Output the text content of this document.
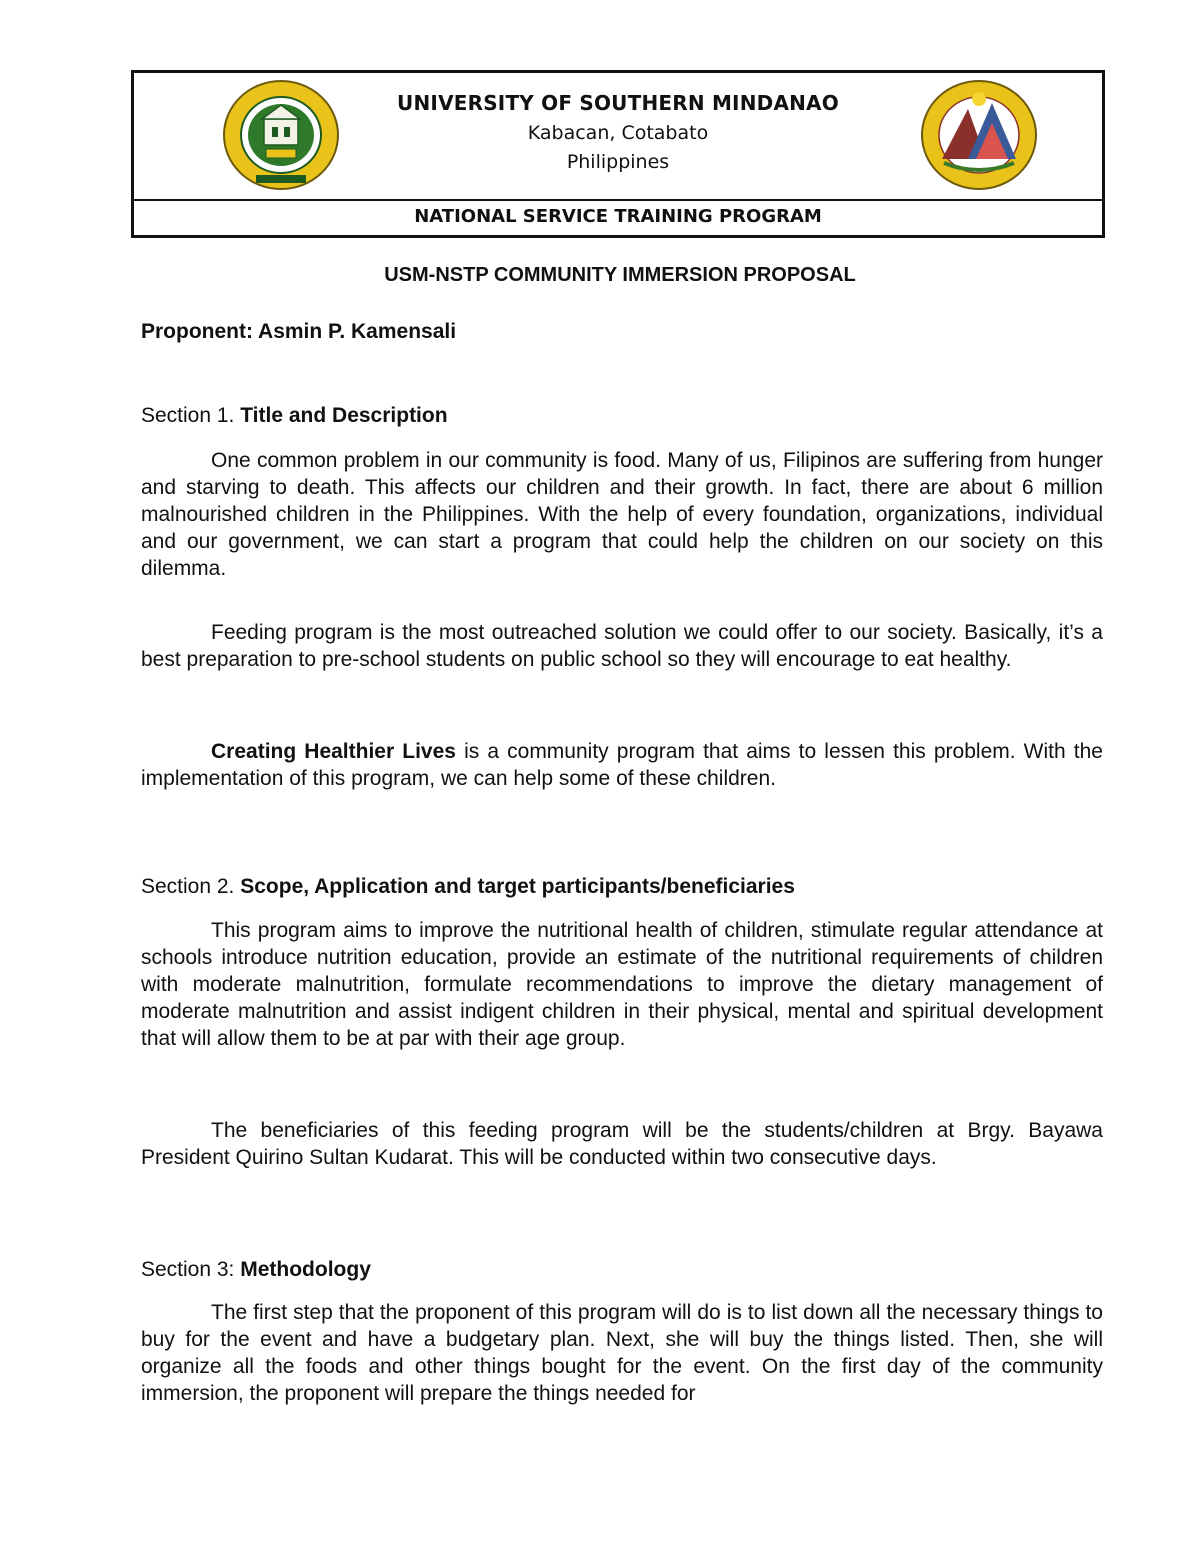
UNIVERSITY OF SOUTHERN MINDANAO
Kabacan, Cotabato
Philippines
NATIONAL SERVICE TRAINING PROGRAM
USM-NSTP COMMUNITY IMMERSION PROPOSAL
Proponent: Asmin P. Kamensali
Section 1. Title and Description

One common problem in our community is food. Many of us, Filipinos are suffering from hunger and starving to death. This affects our children and their growth. In fact, there are about 6 million malnourished children in the Philippines. With the help of every foundation, organizations, individual and our government, we can start a program that could help the children on our society on this dilemma.

Feeding program is the most outreached solution we could offer to our society. Basically, it’s a best preparation to pre-school students on public school so they will encourage to eat healthy.

Creating Healthier Lives is a community program that aims to lessen this problem. With the implementation of this program, we can help some of these children.

Section 2. Scope, Application and target participants/beneficiaries

This program aims to improve the nutritional health of children, stimulate regular attendance at schools introduce nutrition education, provide an estimate of the nutritional requirements of children with moderate malnutrition, formulate recommendations to improve the dietary management of moderate malnutrition and assist indigent children in their physical, mental and spiritual development that will allow them to be at par with their age group.

The beneficiaries of this feeding program will be the students/children at Brgy. Bayawa President Quirino Sultan Kudarat. This will be conducted within two consecutive days.

Section 3: Methodology

The first step that the proponent of this program will do is to list down all the necessary things to buy for the event and have a budgetary plan. Next, she will buy the things listed. Then, she will organize all the foods and other things bought for the event. On the first day of the community immersion, the proponent will prepare the things needed for
